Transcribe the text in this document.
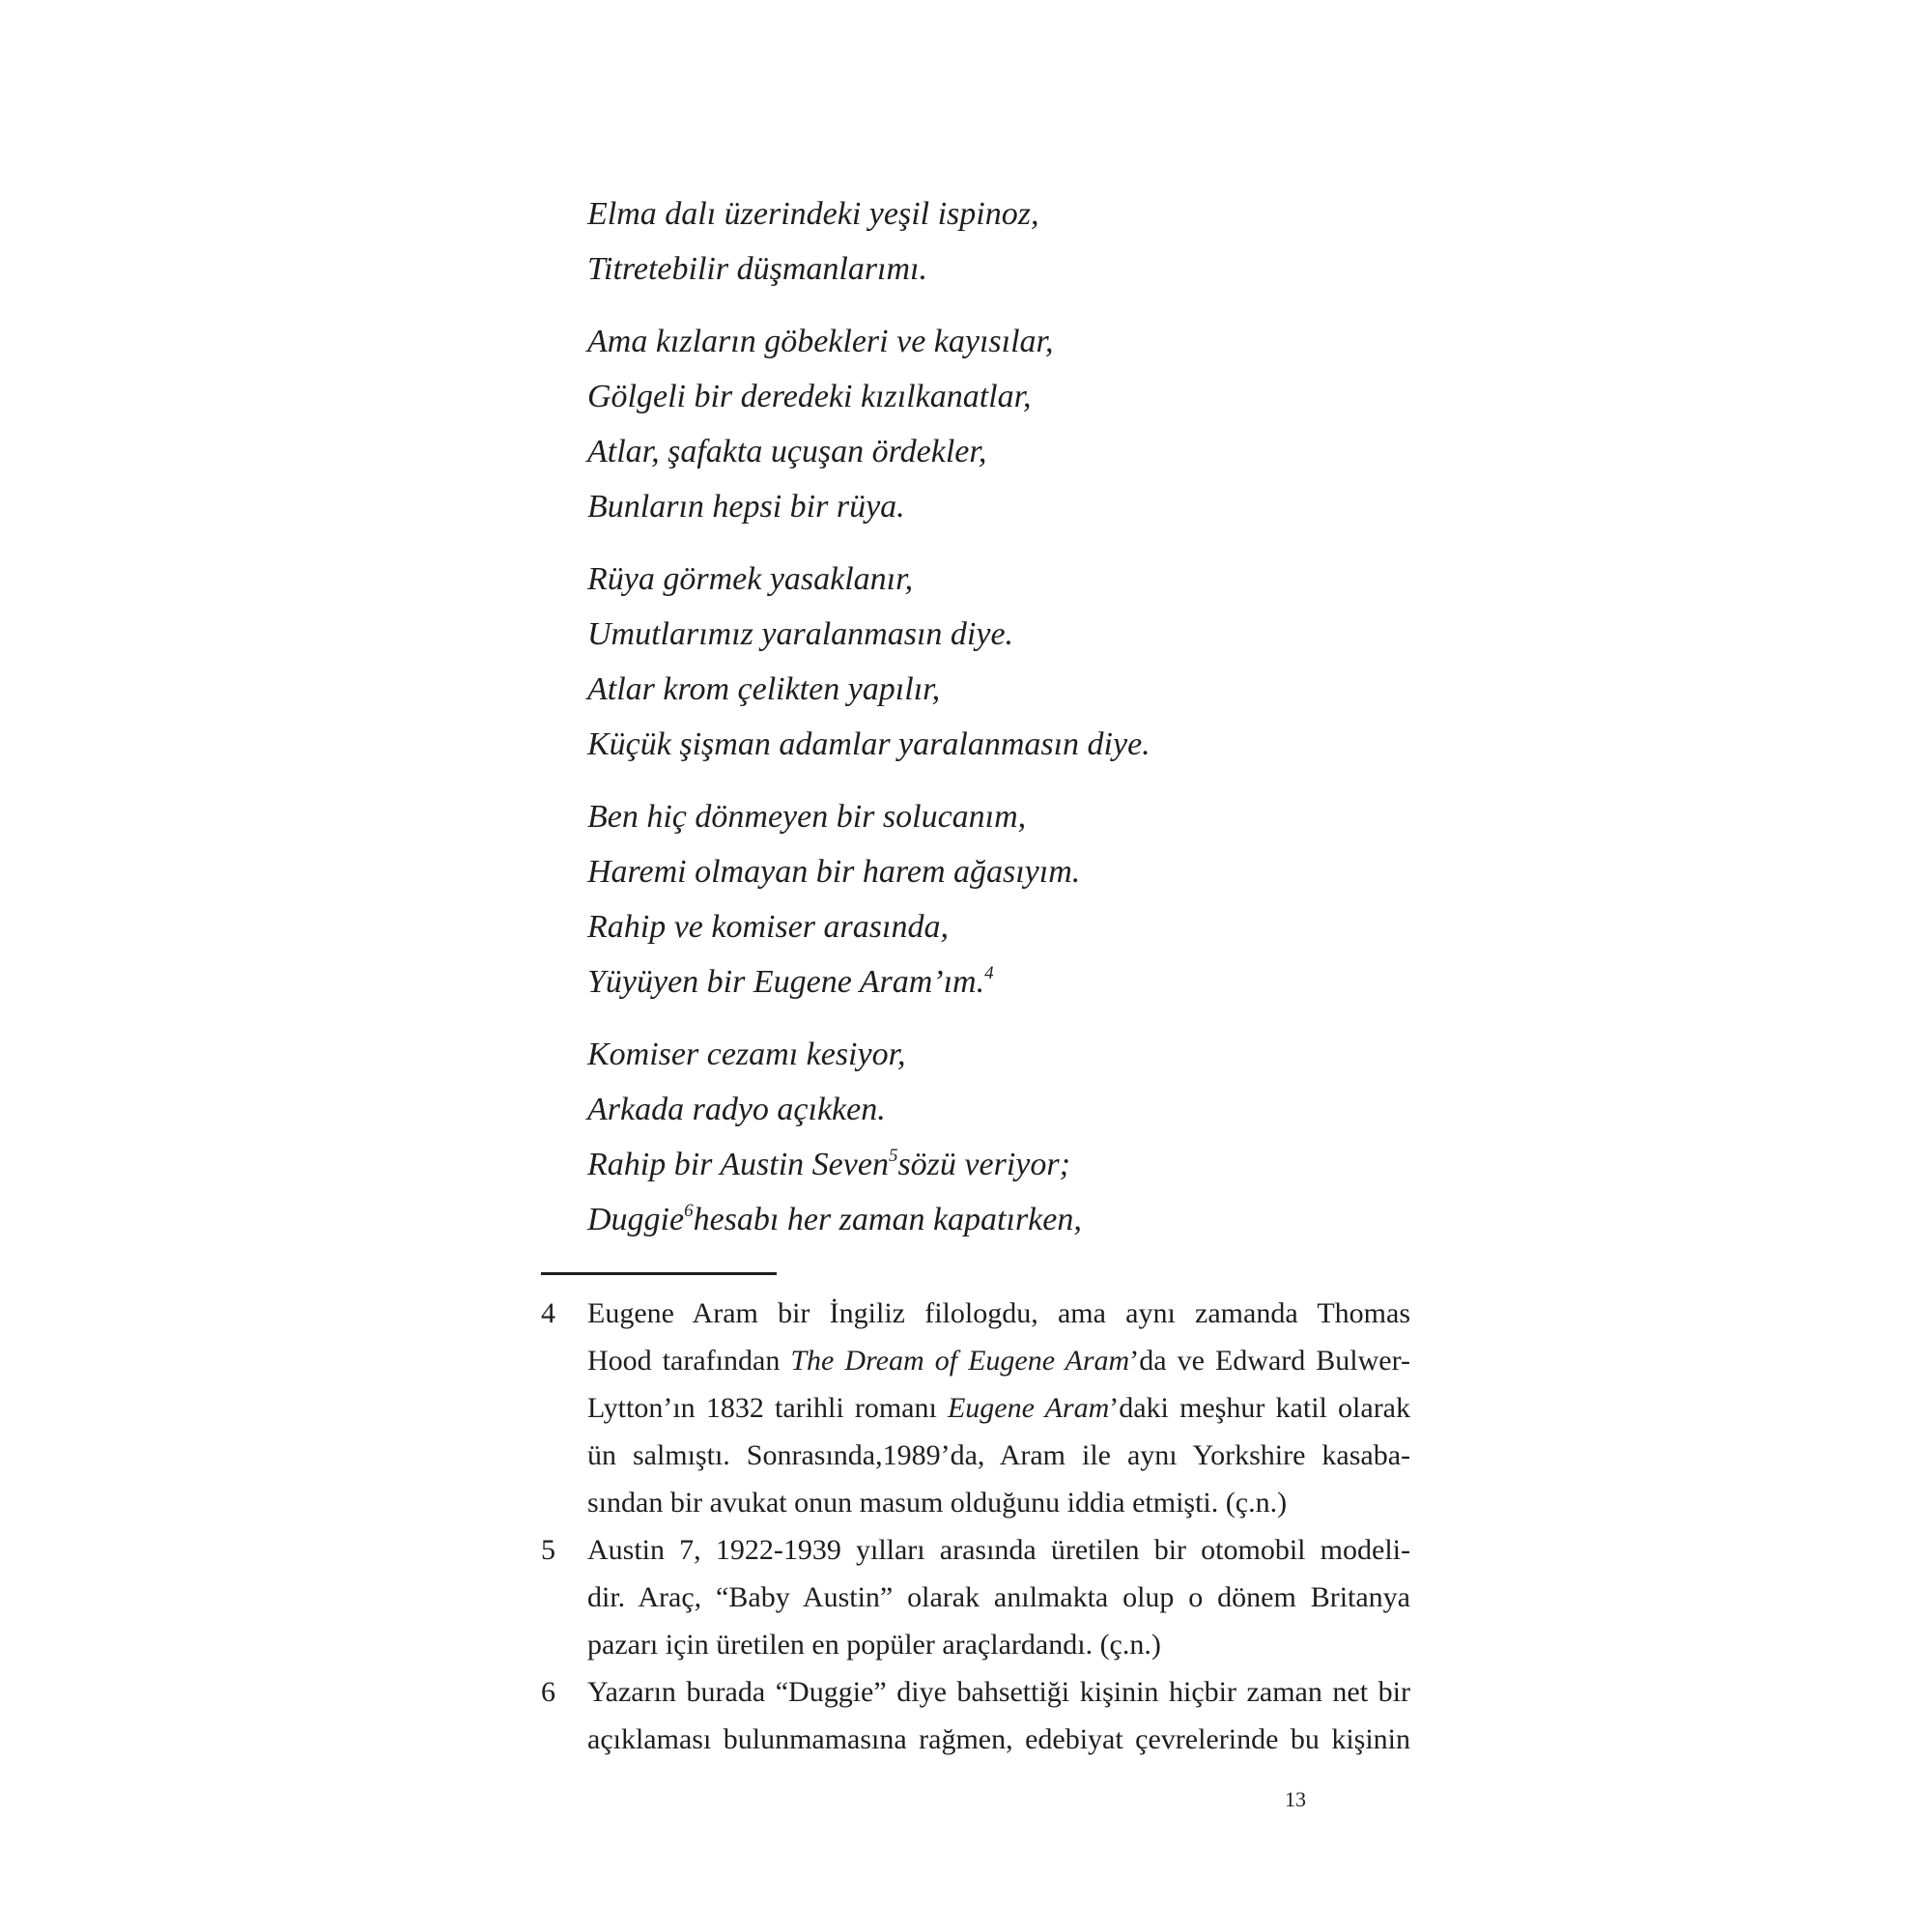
Elma dalı üzerindeki yeşil ispinoz,
Titretebilir düşmanlarımı.
Ama kızların göbekleri ve kayısılar,
Gölgeli bir deredeki kızılkanatlar,
Atlar, şafakta uçuşan ördekler,
Bunların hepsi bir rüya.
Rüya görmek yasaklanır,
Umutlarımız yaralanmasın diye.
Atlar krom çelikten yapılır,
Küçük şişman adamlar yaralanmasın diye.
Ben hiç dönmeyen bir solucanım,
Haremi olmayan bir harem ağasıyım.
Rahip ve komiser arasında,
Yüyüyen bir Eugene Aram’ım.$^4$
Komiser cezamı kesiyor,
Arkada radyo açıkken.
Rahip bir Austin Seven$^5$sözü veriyor;
Duggie$^6$hesabı her zaman kapatırken,
4 Eugene Aram bir İngiliz filologdu, ama aynı zamanda Thomas
Hood tarafından The Dream of Eugene Aram’da ve Edward Bulwer-
Lytton’ın 1832 tarihli romanı Eugene Aram’daki meşhur katil olarak
ün salmıştı. Sonrasında,1989’da, Aram ile aynı Yorkshire kasaba-
sından bir avukat onun masum olduğunu iddia etmişti. (ç.n.)
5 Austin 7, 1922-1939 yılları arasında üretilen bir otomobil modeli-
dir. Araç, “Baby Austin” olarak anılmakta olup o dönem Britanya
pazarı için üretilen en popüler araçlardandı. (ç.n.)
6 Yazarın burada “Duggie” diye bahsettiği kişinin hiçbir zaman net bir
açıklaması bulunmamasına rağmen, edebiyat çevrelerinde bu kişinin
13
